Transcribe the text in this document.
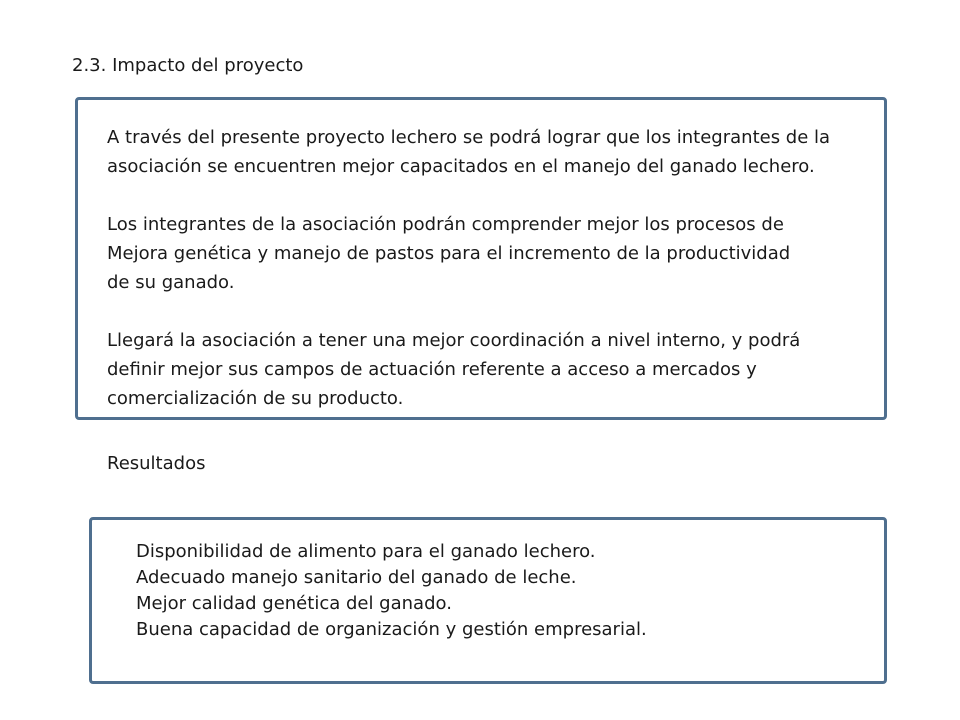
2.3. Impacto del proyecto
A través del presente proyecto lechero se podrá lograr que los integrantes de la
asociación se encuentren mejor capacitados en el manejo del ganado lechero.
Los integrantes de la asociación podrán comprender mejor los procesos de
Mejora genética y manejo de pastos para el incremento de la productividad
de su ganado.
Llegará la asociación a tener una mejor coordinación a nivel interno, y podrá
definir mejor sus campos de actuación referente a acceso a mercados y
comercialización de su producto.
Resultados
Disponibilidad de alimento para el ganado lechero.
Adecuado manejo sanitario del ganado de leche.
Mejor calidad genética del ganado.
Buena capacidad de organización y gestión empresarial.
